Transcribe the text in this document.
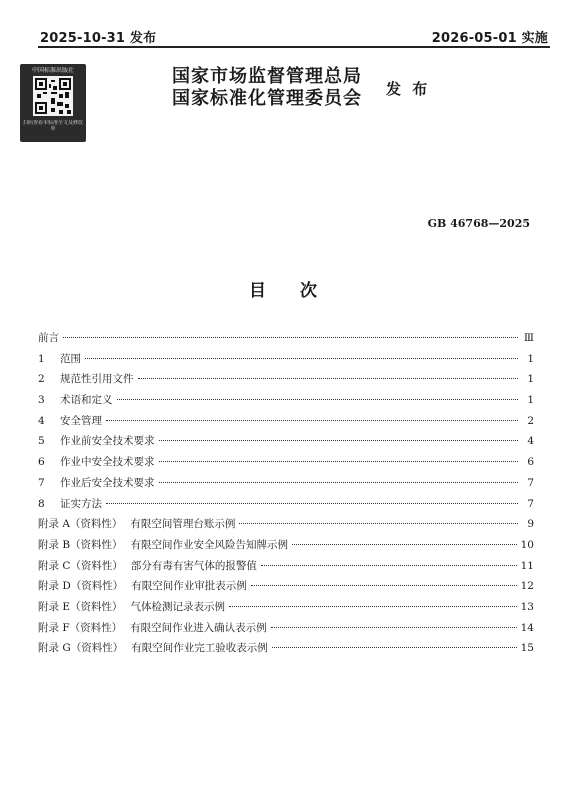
2025-10-31 发布	2026-05-01 实施
中国标准出版社
扫码查看本标准全文及修改单
国家市场监督管理总局
国家标准化管理委员会 发 布
GB 46768—2025
目次
前言	Ⅲ
1	范围	1
2	规范性引用文件	1
3	术语和定义	1
4	安全管理	2
5	作业前安全技术要求	4
6	作业中安全技术要求	6
7	作业后安全技术要求	7
8	证实方法	7
附录 A（资料性） 有限空间管理台账示例	9
附录 B（资料性） 有限空间作业安全风险告知牌示例	10
附录 C（资料性） 部分有毒有害气体的报警值	11
附录 D（资料性） 有限空间作业审批表示例	12
附录 E（资料性） 气体检测记录表示例	13
附录 F（资料性） 有限空间作业进入确认表示例	14
附录 G（资料性） 有限空间作业完工验收表示例	15
